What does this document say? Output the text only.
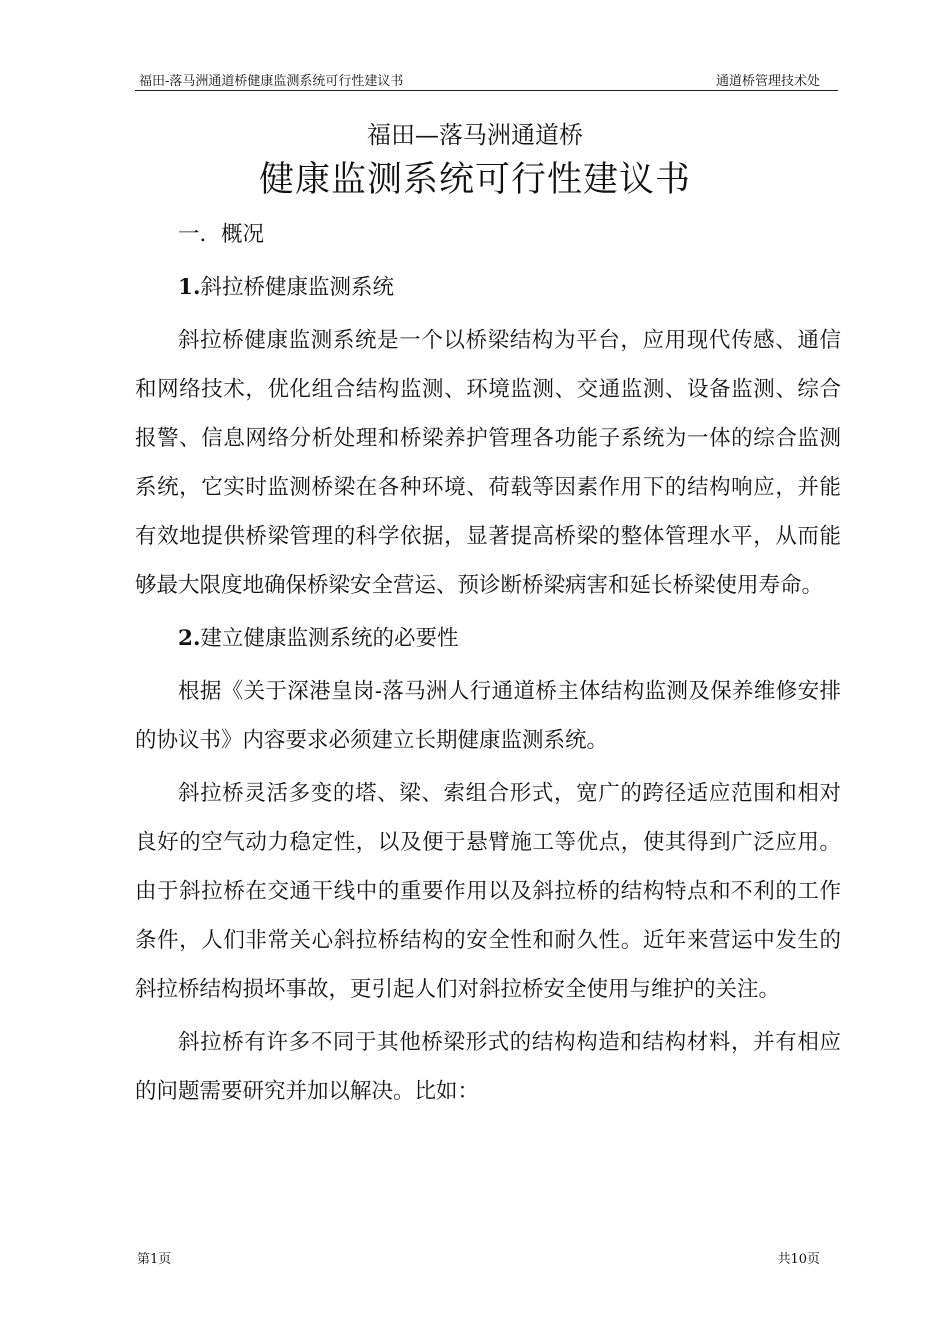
福田-落马洲通道桥健康监测系统可行性建议书	通道桥管理技术处
福田—落马洲通道桥
健康监测系统可行性建议书

一．概况

1.斜拉桥健康监测系统

斜拉桥健康监测系统是一个以桥梁结构为平台，应用现代传感、通信和网络技术，优化组合结构监测、环境监测、交通监测、设备监测、综合报警、信息网络分析处理和桥梁养护管理各功能子系统为一体的综合监测系统，它实时监测桥梁在各种环境、荷载等因素作用下的结构响应，并能有效地提供桥梁管理的科学依据，显著提高桥梁的整体管理水平，从而能够最大限度地确保桥梁安全营运、预诊断桥梁病害和延长桥梁使用寿命。

2.建立健康监测系统的必要性

根据《关于深港皇岗-落马洲人行通道桥主体结构监测及保养维修安排的协议书》内容要求必须建立长期健康监测系统。

斜拉桥灵活多变的塔、梁、索组合形式，宽广的跨径适应范围和相对良好的空气动力稳定性，以及便于悬臂施工等优点，使其得到广泛应用。由于斜拉桥在交通干线中的重要作用以及斜拉桥的结构特点和不利的工作条件，人们非常关心斜拉桥结构的安全性和耐久性。近年来营运中发生的斜拉桥结构损坏事故，更引起人们对斜拉桥安全使用与维护的关注。

斜拉桥有许多不同于其他桥梁形式的结构构造和结构材料，并有相应的问题需要研究并加以解决。比如：

第1页	共10页
